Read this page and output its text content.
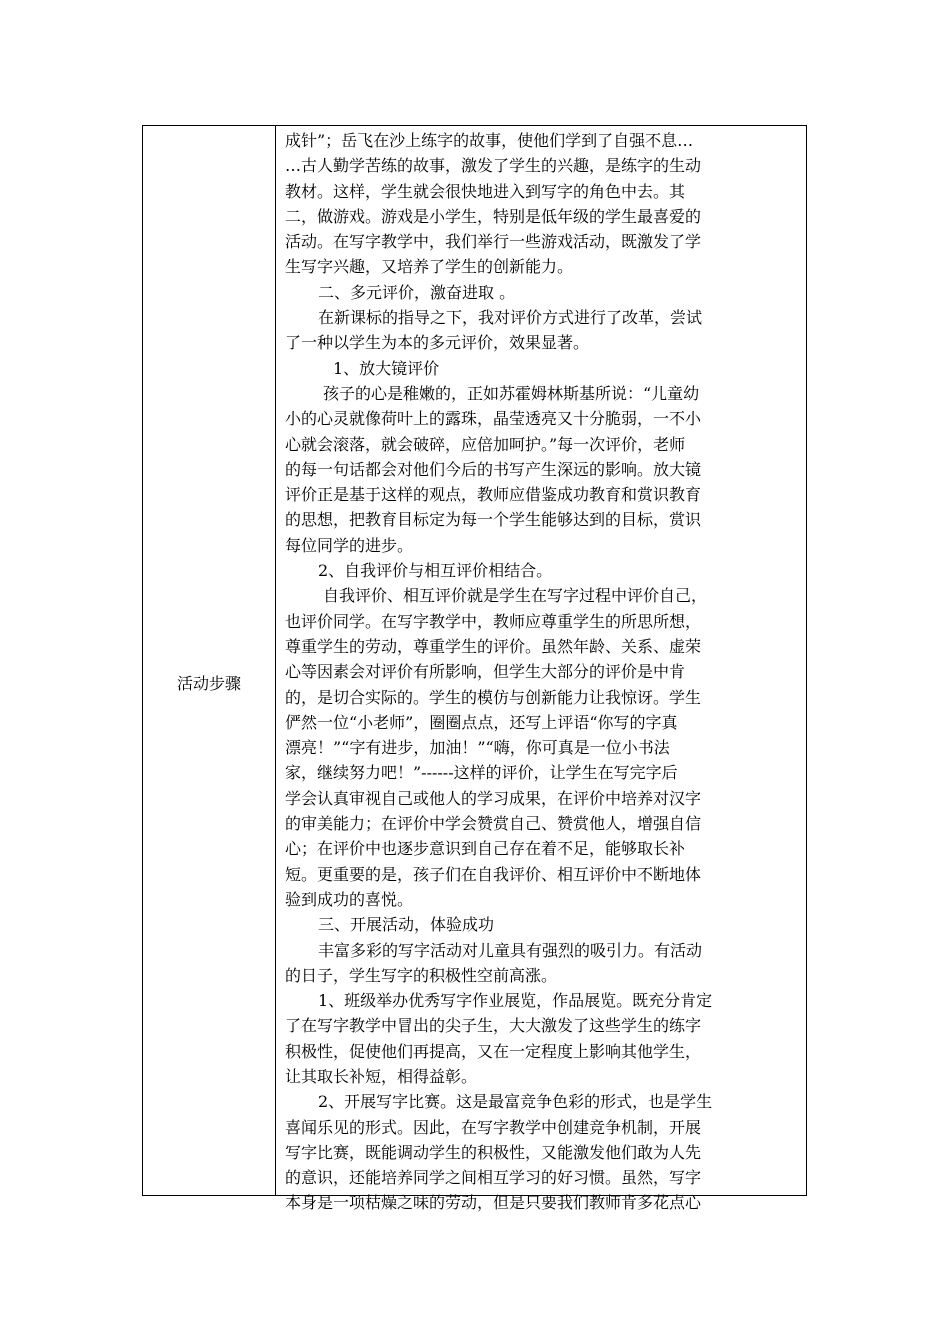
活动步骤

成针”；岳飞在沙上练字的故事，使他们学到了自强不息…

…古人勤学苦练的故事，激发了学生的兴趣，是练字的生动

教材。这样，学生就会很快地进入到写字的角色中去。其

二，做游戏。游戏是小学生，特别是低年级的学生最喜爱的

活动。在写字教学中，我们举行一些游戏活动，既激发了学

生写字兴趣，又培养了学生的创新能力。

二、多元评价，激奋进取 。

在新课标的指导之下，我对评价方式进行了改革，尝试

了一种以学生为本的多元评价，效果显著。

1、放大镜评价

孩子的心是稚嫩的，正如苏霍姆林斯基所说：“儿童幼

小的心灵就像荷叶上的露珠，晶莹透亮又十分脆弱，一不小

心就会滚落，就会破碎，应倍加呵护。”每一次评价，老师

的每一句话都会对他们今后的书写产生深远的影响。放大镜

评价正是基于这样的观点，教师应借鉴成功教育和赏识教育

的思想，把教育目标定为每一个学生能够达到的目标，赏识

每位同学的进步。

2、自我评价与相互评价相结合。

自我评价、相互评价就是学生在写字过程中评价自己，

也评价同学。在写字教学中，教师应尊重学生的所思所想，

尊重学生的劳动，尊重学生的评价。虽然年龄、关系、虚荣

心等因素会对评价有所影响，但学生大部分的评价是中肯

的，是切合实际的。学生的模仿与创新能力让我惊讶。学生

俨然一位“小老师”，圈圈点点，还写上评语“你写的字真

漂亮！”“字有进步，加油！”“嗨，你可真是一位小书法

家，继续努力吧！”------这样的评价，让学生在写完字后

学会认真审视自己或他人的学习成果，在评价中培养对汉字

的审美能力；在评价中学会赞赏自己、赞赏他人，增强自信

心；在评价中也逐步意识到自己存在着不足，能够取长补

短。更重要的是，孩子们在自我评价、相互评价中不断地体

验到成功的喜悦。

三、开展活动，体验成功

丰富多彩的写字活动对儿童具有强烈的吸引力。有活动

的日子，学生写字的积极性空前高涨。

1、班级举办优秀写字作业展览，作品展览。既充分肯定

了在写字教学中冒出的尖子生，大大激发了这些学生的练字

积极性，促使他们再提高，又在一定程度上影响其他学生，

让其取长补短，相得益彰。

2、开展写字比赛。这是最富竞争色彩的形式，也是学生

喜闻乐见的形式。因此，在写字教学中创建竞争机制，开展

写字比赛，既能调动学生的积极性，又能激发他们敢为人先

的意识，还能培养同学之间相互学习的好习惯。虽然，写字

本身是一项枯燥之味的劳动，但是只要我们教师肯多花点心
